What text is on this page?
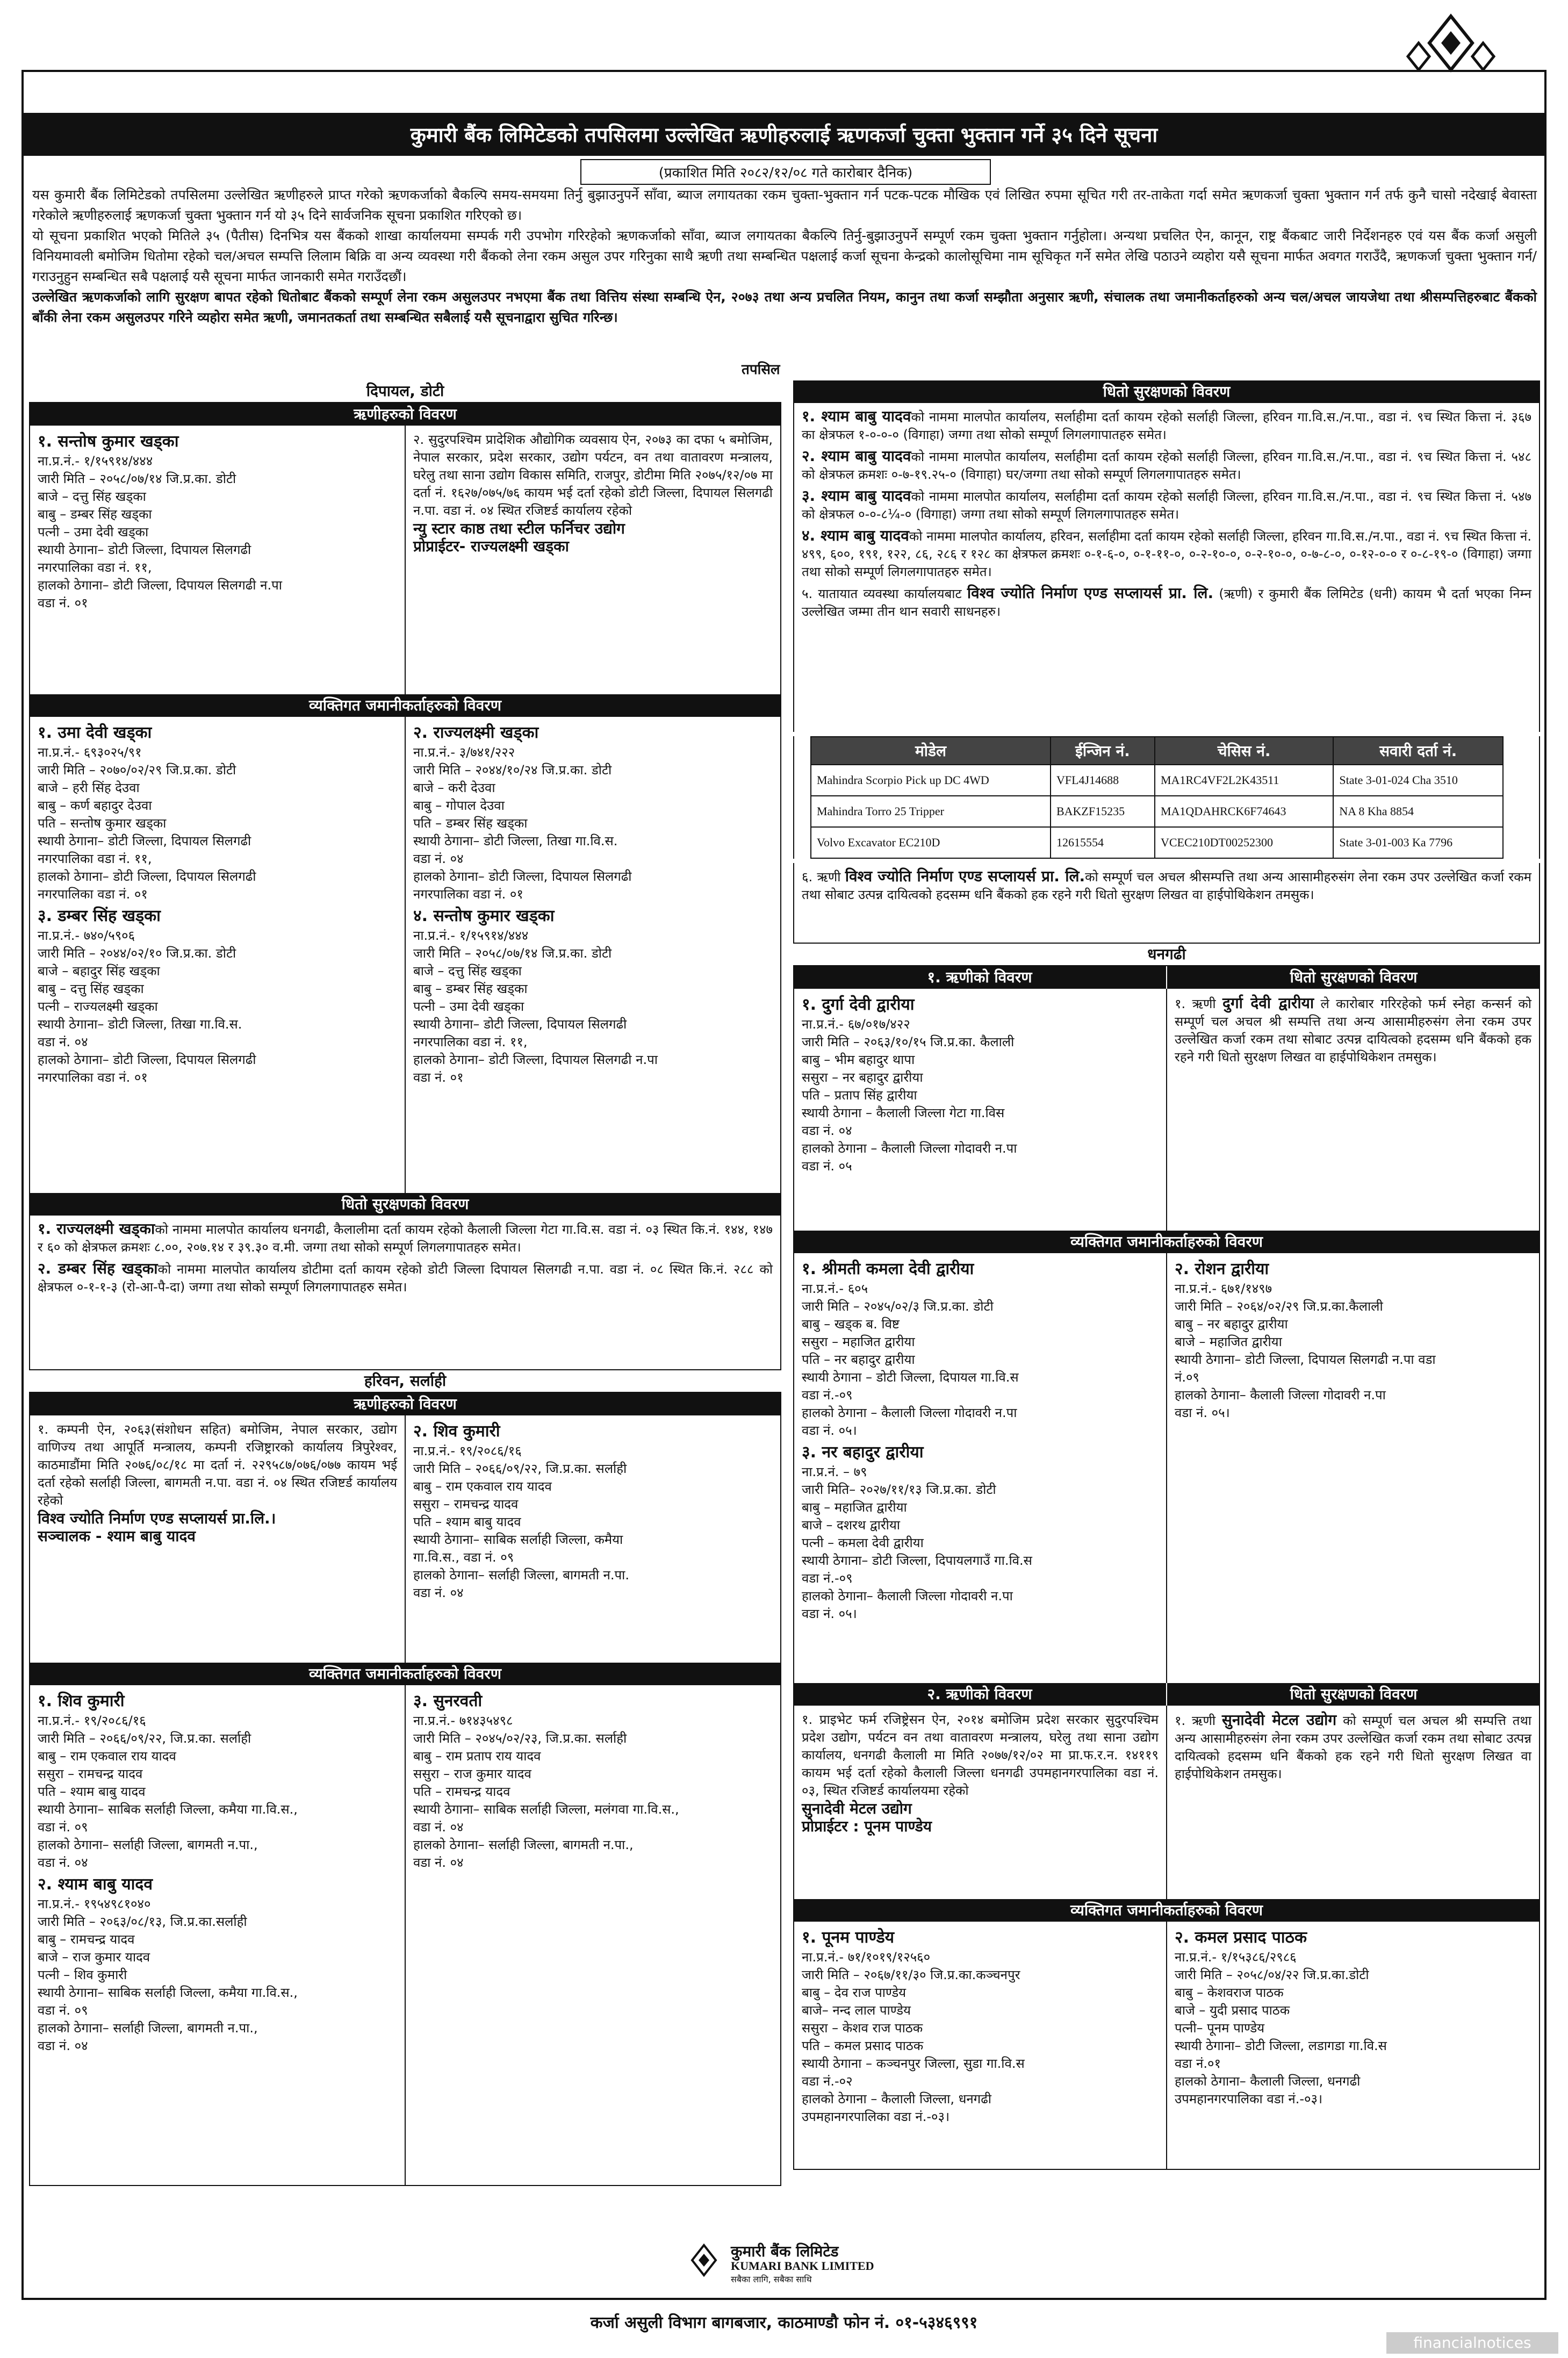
कुमारी बैंक लिमिटेडको तपसिलमा उल्लेखित ऋणीहरुलाई ऋणकर्जा चुक्ता भुक्तान गर्ने ३५ दिने सूचना
(प्रकाशित मिति २०८२/१२/०८ गते कारोबार दैनिक)

यस कुमारी बैंक लिमिटेडको तपसिलमा उल्लेखित ऋणीहरुले प्राप्त गरेको ऋणकर्जाको बैकल्पि समय-समयमा तिर्नु बुझाउनुपर्ने साँवा, ब्याज लगायतका रकम चुक्ता-भुक्तान गर्न पटक-पटक मौखिक एवं लिखित रुपमा सूचित गरी तर-ताकेता गर्दा समेत ऋणकर्जा चुक्ता भुक्तान गर्न तर्फ कुनै चासो नदेखाई बेवास्ता गरेकोले ऋणीहरुलाई ऋणकर्जा चुक्ता भुक्तान गर्न यो ३५ दिने सार्वजनिक सूचना प्रकाशित गरिएको छ।

यो सूचना प्रकाशित भएको मितिले ३५ (पैतीस) दिनभित्र यस बैंकको शाखा कार्यालयमा सम्पर्क गरी उपभोग गरिरहेको ऋणकर्जाको साँवा, ब्याज लगायतका बैकल्पि तिर्नु-बुझाउनुपर्ने सम्पूर्ण रकम चुक्ता भुक्तान गर्नुहोला। अन्यथा प्रचलित ऐन, कानून, राष्ट्र बैंकबाट जारी निर्देशनहरु एवं यस बैंक कर्जा असुली विनियमावली बमोजिम धितोमा रहेको चल/अचल सम्पत्ति लिलाम बिक्रि वा अन्य व्यवस्था गरी बैंकको लेना रकम असुल उपर गरिनुका साथै ऋणी तथा सम्बन्धित पक्षलाई कर्जा सूचना केन्द्रको कालोसूचिमा नाम सूचिकृत गर्ने समेत लेखि पठाउने व्यहोरा यसै सूचना मार्फत अवगत गराउँदै, ऋणकर्जा चुक्ता भुक्तान गर्न/गराउनुहुन सम्बन्धित सबै पक्षलाई यसै सूचना मार्फत जानकारी समेत गराउँदछौं।

उल्लेखित ऋणकर्जाको लागि सुरक्षण बापत रहेको धितोबाट बैंकको सम्पूर्ण लेना रकम असुलउपर नभएमा बैंक तथा वित्तिय संस्था सम्बन्धि ऐन, २०७३ तथा अन्य प्रचलित नियम, कानुन तथा कर्जा सम्झौता अनुसार ऋणी, संचालक तथा जमानीकर्ताहरुको अन्य चल/अचल जायजेथा तथा श्रीसम्पत्तिहरुबाट बैंकको बाँकी लेना रकम असुलउपर गरिने व्यहोरा समेत ऋणी, जमानतकर्ता तथा सम्बन्धित सबैलाई यसै सूचनाद्वारा सुचित गरिन्छ।

तपसिल
दिपायल, डोटी
ऋणीहरुको विवरण
१. सन्तोष कुमार खड्का
ना.प्र.नं.- १/१५९१४/४४४
जारी मिति – २०५८/०७/१४ जि.प्र.का. डोटी
बाजे – दत्तु सिंह खड्का
बाबु – डम्बर सिंह खड्का
पत्नी – उमा देवी खड्का
स्थायी ठेगाना– डोटी जिल्ला, दिपायल सिलगढी
नगरपालिका वडा नं. ११,
हालको ठेगाना– डोटी जिल्ला, दिपायल सिलगढी न.पा
वडा नं. ०१
२. सुदुरपश्चिम प्रादेशिक औद्योगिक व्यवसाय ऐन, २०७३ का दफा ५ बमोजिम, नेपाल सरकार, प्रदेश सरकार, उद्योग पर्यटन, वन तथा वातावरण मन्त्रालय, घरेलु तथा साना उद्योग विकास समिति, राजपुर, डोटीमा मिति २०७५/१२/०७ मा दर्ता नं. १६२७/०७५/७६ कायम भई दर्ता रहेको डोटी जिल्ला, दिपायल सिलगढी न.पा. वडा नं. ०४ स्थित रजिष्टर्ड कार्यालय रहेको
न्यु स्टार काष्ठ तथा स्टील फर्निचर उद्योग
प्रोप्राईटर- राज्यलक्ष्मी खड्का
व्यक्तिगत जमानीकर्ताहरुको विवरण
१. उमा देवी खड्का
ना.प्र.नं.- ६९३०२५/९१
जारी मिति – २०७०/०२/२९ जि.प्र.का. डोटी
बाजे – हरी सिंह देउवा
बाबु – कर्ण बहादुर देउवा
पति – सन्तोष कुमार खड्का
स्थायी ठेगाना– डोटी जिल्ला, दिपायल सिलगढी
नगरपालिका वडा नं. ११,
हालको ठेगाना– डोटी जिल्ला, दिपायल सिलगढी
नगरपालिका वडा नं. ०१
३. डम्बर सिंह खड्का
ना.प्र.नं.- ७४०/५९०६
जारी मिति – २०४४/०२/१० जि.प्र.का. डोटी
बाजे – बहादुर सिंह खड्का
बाबु – दत्तु सिंह खड्का
पत्नी – राज्यलक्ष्मी खड्का
स्थायी ठेगाना– डोटी जिल्ला, तिखा गा.वि.स.
वडा नं. ०४
हालको ठेगाना– डोटी जिल्ला, दिपायल सिलगढी
नगरपालिका वडा नं. ०१
२. राज्यलक्ष्मी खड्का
ना.प्र.नं.- ३/७४१/२२२
जारी मिति – २०४४/१०/२४ जि.प्र.का. डोटी
बाजे – करी देउवा
बाबु – गोपाल देउवा
पति – डम्बर सिंह खड्का
स्थायी ठेगाना– डोटी जिल्ला, तिखा गा.वि.स.
वडा नं. ०४
हालको ठेगाना– डोटी जिल्ला, दिपायल सिलगढी
नगरपालिका वडा नं. ०१
४. सन्तोष कुमार खड्का
ना.प्र.नं.- १/१५९१४/४४४
जारी मिति – २०५८/०७/१४ जि.प्र.का. डोटी
बाजे – दत्तु सिंह खड्का
बाबु – डम्बर सिंह खड्का
पत्नी – उमा देवी खड्का
स्थायी ठेगाना– डोटी जिल्ला, दिपायल सिलगढी
नगरपालिका वडा नं. ११,
हालको ठेगाना– डोटी जिल्ला, दिपायल सिलगढी न.पा
वडा नं. ०१
धितो सुरक्षणको विवरण

१. राज्यलक्ष्मी खड्काको नाममा मालपोत कार्यालय धनगढी, कैलालीमा दर्ता कायम रहेको कैलाली जिल्ला गेटा गा.वि.स. वडा नं. ०३ स्थित कि.नं. १४४, १४७ र ६० को क्षेत्रफल क्रमशः ८.००, २०७.१४ र ३९.३० व.मी. जग्गा तथा सोको सम्पूर्ण लिगलगापातहरु समेत।

२. डम्बर सिंह खड्काको नाममा मालपोत कार्यालय डोटीमा दर्ता कायम रहेको डोटी जिल्ला दिपायल सिलगढी न.पा. वडा नं. ०८ स्थित कि.नं. २८८ को क्षेत्रफल ०-१-१-३ (रो-आ-पै-दा) जग्गा तथा सोको सम्पूर्ण लिगलगापातहरु समेत।

हरिवन, सर्लाही
ऋणीहरुको विवरण
१. कम्पनी ऐन, २०६३(संशोधन सहित) बमोजिम, नेपाल सरकार, उद्योग वाणिज्य तथा आपूर्ति मन्त्रालय, कम्पनी रजिष्ट्रारको कार्यालय त्रिपुरेश्वर, काठमाडौंमा मिति २०७६/०८/१८ मा दर्ता नं. २२९५८७/०७६/०७७ कायम भई दर्ता रहेको सर्लाही जिल्ला, बागमती न.पा. वडा नं. ०४ स्थित रजिष्टर्ड कार्यालय रहेको
विश्व ज्योति निर्माण एण्ड सप्लायर्स प्रा.लि.।
सञ्चालक - श्याम बाबु यादव
२. शिव कुमारी
ना.प्र.नं.- १९/२०८६/१६
जारी मिति – २०६६/०९/२२, जि.प्र.का. सर्लाही
बाबु – राम एकवाल राय यादव
ससुरा – रामचन्द्र यादव
पति – श्याम बाबु यादव
स्थायी ठेगाना– साबिक सर्लाही जिल्ला, कमैया
गा.वि.स., वडा नं. ०९
हालको ठेगाना– सर्लाही जिल्ला, बागमती न.पा.
वडा नं. ०४
व्यक्तिगत जमानीकर्ताहरुको विवरण
१. शिव कुमारी
ना.प्र.नं.- १९/२०८६/१६
जारी मिति – २०६६/०९/२२, जि.प्र.का. सर्लाही
बाबु – राम एकवाल राय यादव
ससुरा – रामचन्द्र यादव
पति – श्याम बाबु यादव
स्थायी ठेगाना– साबिक सर्लाही जिल्ला, कमैया गा.वि.स.,
वडा नं. ०९
हालको ठेगाना– सर्लाही जिल्ला, बागमती न.पा.,
वडा नं. ०४
२. श्याम बाबु यादव
ना.प्र.नं.- १९५४९८१०४०
जारी मिति – २०६३/०८/१३, जि.प्र.का.सर्लाही
बाबु – रामचन्द्र यादव
बाजे – राज कुमार यादव
पत्नी – शिव कुमारी
स्थायी ठेगाना– साबिक सर्लाही जिल्ला, कमैया गा.वि.स.,
वडा नं. ०९
हालको ठेगाना– सर्लाही जिल्ला, बागमती न.पा.,
वडा नं. ०४
३. सुनरवती
ना.प्र.नं.- ७१४३५४९८
जारी मिति – २०४५/०२/२३, जि.प्र.का. सर्लाही
बाबु – राम प्रताप राय यादव
ससुरा – राज कुमार यादव
पति – रामचन्द्र यादव
स्थायी ठेगाना– साबिक सर्लाही जिल्ला, मलंगवा गा.वि.स.,
वडा नं. ०४
हालको ठेगाना– सर्लाही जिल्ला, बागमती न.पा.,
वडा नं. ०४
धितो सुरक्षणको विवरण

१. श्याम बाबु यादवको नाममा मालपोत कार्यालय, सर्लाहीमा दर्ता कायम रहेको सर्लाही जिल्ला, हरिवन गा.वि.स./न.पा., वडा नं. ९च स्थित कित्ता नं. ३६७ का क्षेत्रफल १-०-०-० (विगाहा) जग्गा तथा सोको सम्पूर्ण लिगलगापातहरु समेत।

२. श्याम बाबु यादवको नाममा मालपोत कार्यालय, सर्लाहीमा दर्ता कायम रहेको सर्लाही जिल्ला, हरिवन गा.वि.स./न.पा., वडा नं. ९च स्थित कित्ता नं. ५४८ को क्षेत्रफल क्रमशः ०-७-१९.२५-० (विगाहा) घर/जग्गा तथा सोको सम्पूर्ण लिगलगापातहरु समेत।

३. श्याम बाबु यादवको नाममा मालपोत कार्यालय, सर्लाहीमा दर्ता कायम रहेको सर्लाही जिल्ला, हरिवन गा.वि.स./न.पा., वडा नं. ९च स्थित कित्ता नं. ५४७ को क्षेत्रफल ०-०-८¹⁄₄-० (विगाहा) जग्गा तथा सोको सम्पूर्ण लिगलगापातहरु समेत।

४. श्याम बाबु यादवको नाममा मालपोत कार्यालय, हरिवन, सर्लाहीमा दर्ता कायम रहेको सर्लाही जिल्ला, हरिवन गा.वि.स./न.पा., वडा नं. ९च स्थित कित्ता नं. ४९९, ६००, १९१, १२२, ८६, २८६ र १२८ का क्षेत्रफल क्रमशः ०-१-६-०, ०-१-११-०, ०-२-१०-०, ०-२-१०-०, ०-७-८-०, ०-१२-०-० र ०-८-१९-० (विगाहा) जग्गा तथा सोको सम्पूर्ण लिगलगापातहरु समेत।

५. यातायात व्यवस्था कार्यालयबाट विश्व ज्योति निर्माण एण्ड सप्लायर्स प्रा. लि. (ऋणी) र कुमारी बैंक लिमिटेड (धनी) कायम भै दर्ता भएका निम्न उल्लेखित जम्मा तीन थान सवारी साधनहरु।

मोडेल	ईन्जिन नं.	चेसिस नं.	सवारी दर्ता नं.
Mahindra Scorpio Pick up DC 4WD	VFL4J14688	MA1RC4VF2L2K43511	State 3-01-024 Cha 3510
Mahindra Torro 25 Tripper	BAKZF15235	MA1QDAHRCK6F74643	NA 8 Kha 8854
Volvo Excavator EC210D	12615554	VCEC210DT00252300	State 3-01-003 Ka 7796

६. ऋणी विश्व ज्योति निर्माण एण्ड सप्लायर्स प्रा. लि.को सम्पूर्ण चल अचल श्रीसम्पत्ति तथा अन्य आसामीहरुसंग लेना रकम उपर उल्लेखित कर्जा रकम तथा सोबाट उत्पन्न दायित्वको हदसम्म धनि बैंकको हक रहने गरी धितो सुरक्षण लिखत वा हाईपोथिकेशन तमसुक।

धनगढी
१. ऋणीको विवरण	धितो सुरक्षणको विवरण
१. दुर्गा देवी द्वारीया
ना.प्र.नं.- ६७/०१७/४२२
जारी मिति – २०६३/१०/१५ जि.प्र.का. कैलाली
बाबु – भीम बहादुर थापा
ससुरा – नर बहादुर द्वारीया
पति – प्रताप सिंह द्वारीया
स्थायी ठेगाना – कैलाली जिल्ला गेटा गा.विस
वडा नं. ०४
हालको ठेगाना – कैलाली जिल्ला गोदावरी न.पा
वडा नं. ०५
१. ऋणी दुर्गा देवी द्वारीया ले कारोबार गरिरहेको फर्म स्नेहा कन्सर्न को सम्पूर्ण चल अचल श्री सम्पत्ति तथा अन्य आसामीहरुसंग लेना रकम उपर उल्लेखित कर्जा रकम तथा सोबाट उत्पन्न दायित्वको हदसम्म धनि बैंकको हक रहने गरी धितो सुरक्षण लिखत वा हाईपोथिकेशन तमसुक।
व्यक्तिगत जमानीकर्ताहरुको विवरण
१. श्रीमती कमला देवी द्वारीया
ना.प्र.नं.- ६०५
जारी मिति – २०४५/०२/३ जि.प्र.का. डोटी
बाबु – खड्क ब. विष्ट
ससुरा – महाजित द्वारीया
पति – नर बहादुर द्वारीया
स्थायी ठेगाना – डोटी जिल्ला, दिपायल गा.वि.स
वडा नं.-०९
हालको ठेगाना – कैलाली जिल्ला गोदावरी न.पा
वडा नं. ०५।
३. नर बहादुर द्वारीया
ना.प्र.नं. – ७९
जारी मिति– २०२७/११/१३ जि.प्र.का. डोटी
बाबु – महाजित द्वारीया
बाजे – दशरथ द्वारीया
पत्नी – कमला देवी द्वारीया
स्थायी ठेगाना– डोटी जिल्ला, दिपायलगाउँ गा.वि.स
वडा नं.-०९
हालको ठेगाना– कैलाली जिल्ला गोदावरी न.पा
वडा नं. ०५।
२. रोशन द्वारीया
ना.प्र.नं.- ६७१/१४९७
जारी मिति – २०६४/०२/२९ जि.प्र.का.कैलाली
बाबु – नर बहादुर द्वारीया
बाजे – महाजित द्वारीया
स्थायी ठेगाना– डोटी जिल्ला, दिपायल सिलगढी न.पा वडा
नं.०९
हालको ठेगाना– कैलाली जिल्ला गोदावरी न.पा
वडा नं. ०५।
२. ऋणीको विवरण	धितो सुरक्षणको विवरण
१. प्राइभेट फर्म रजिष्ट्रेसन ऐन, २०१४ बमोजिम प्रदेश सरकार सुदुरपश्चिम प्रदेश उद्योग, पर्यटन वन तथा वातावरण मन्त्रालय, घरेलु तथा साना उद्योग कार्यालय, धनगढी कैलाली मा मिति २०७७/१२/०२ मा प्रा.फ.र.न. १४११९ कायम भई दर्ता रहेको कैलाली जिल्ला धनगढी उपमहानगरपालिका वडा नं. ०३, स्थित रजिष्टर्ड कार्यालयमा रहेको
सुनादेवी मेटल उद्योग
प्रोप्राईटर : पूनम पाण्डेय
१. ऋणी सुनादेवी मेटल उद्योग को सम्पूर्ण चल अचल श्री सम्पत्ति तथा अन्य आसामीहरुसंग लेना रकम उपर उल्लेखित कर्जा रकम तथा सोबाट उत्पन्न दायित्वको हदसम्म धनि बैंकको हक रहने गरी धितो सुरक्षण लिखत वा हाईपोथिकेशन तमसुक।
व्यक्तिगत जमानीकर्ताहरुको विवरण
१. पूनम पाण्डेय
ना.प्र.नं.- ७१/१०१९/१२५६०
जारी मिति – २०६७/११/३० जि.प्र.का.कञ्चनपुर
बाबु – देव राज पाण्डेय
बाजे– नन्द लाल पाण्डेय
ससुरा – केशव राज पाठक
पति – कमल प्रसाद पाठक
स्थायी ठेगाना – कञ्चनपुर जिल्ला, सुडा गा.वि.स
वडा नं.-०२
हालको ठेगाना – कैलाली जिल्ला, धनगढी
उपमहानगरपालिका वडा नं.-०३।
२. कमल प्रसाद पाठक
ना.प्र.नं.- १/१५३८६/२९८६
जारी मिति – २०५८/०४/२२ जि.प्र.का.डोटी
बाबु – केशवराज पाठक
बाजे – युदी प्रसाद पाठक
पत्नी– पूनम पाण्डेय
स्थायी ठेगाना– डोटी जिल्ला, लडागडा गा.वि.स
वडा नं.०१
हालको ठेगाना– कैलाली जिल्ला, धनगढी
उपमहानगरपालिका वडा नं.-०३।
कुमारी बैंक लिमिटेड
KUMARI BANK LIMITED
सबैका लागि, सबैका साथि
कर्जा असुली विभाग बागबजार, काठमाण्डौ फोन नं. ०१-५३४६९९१
financialnotices
